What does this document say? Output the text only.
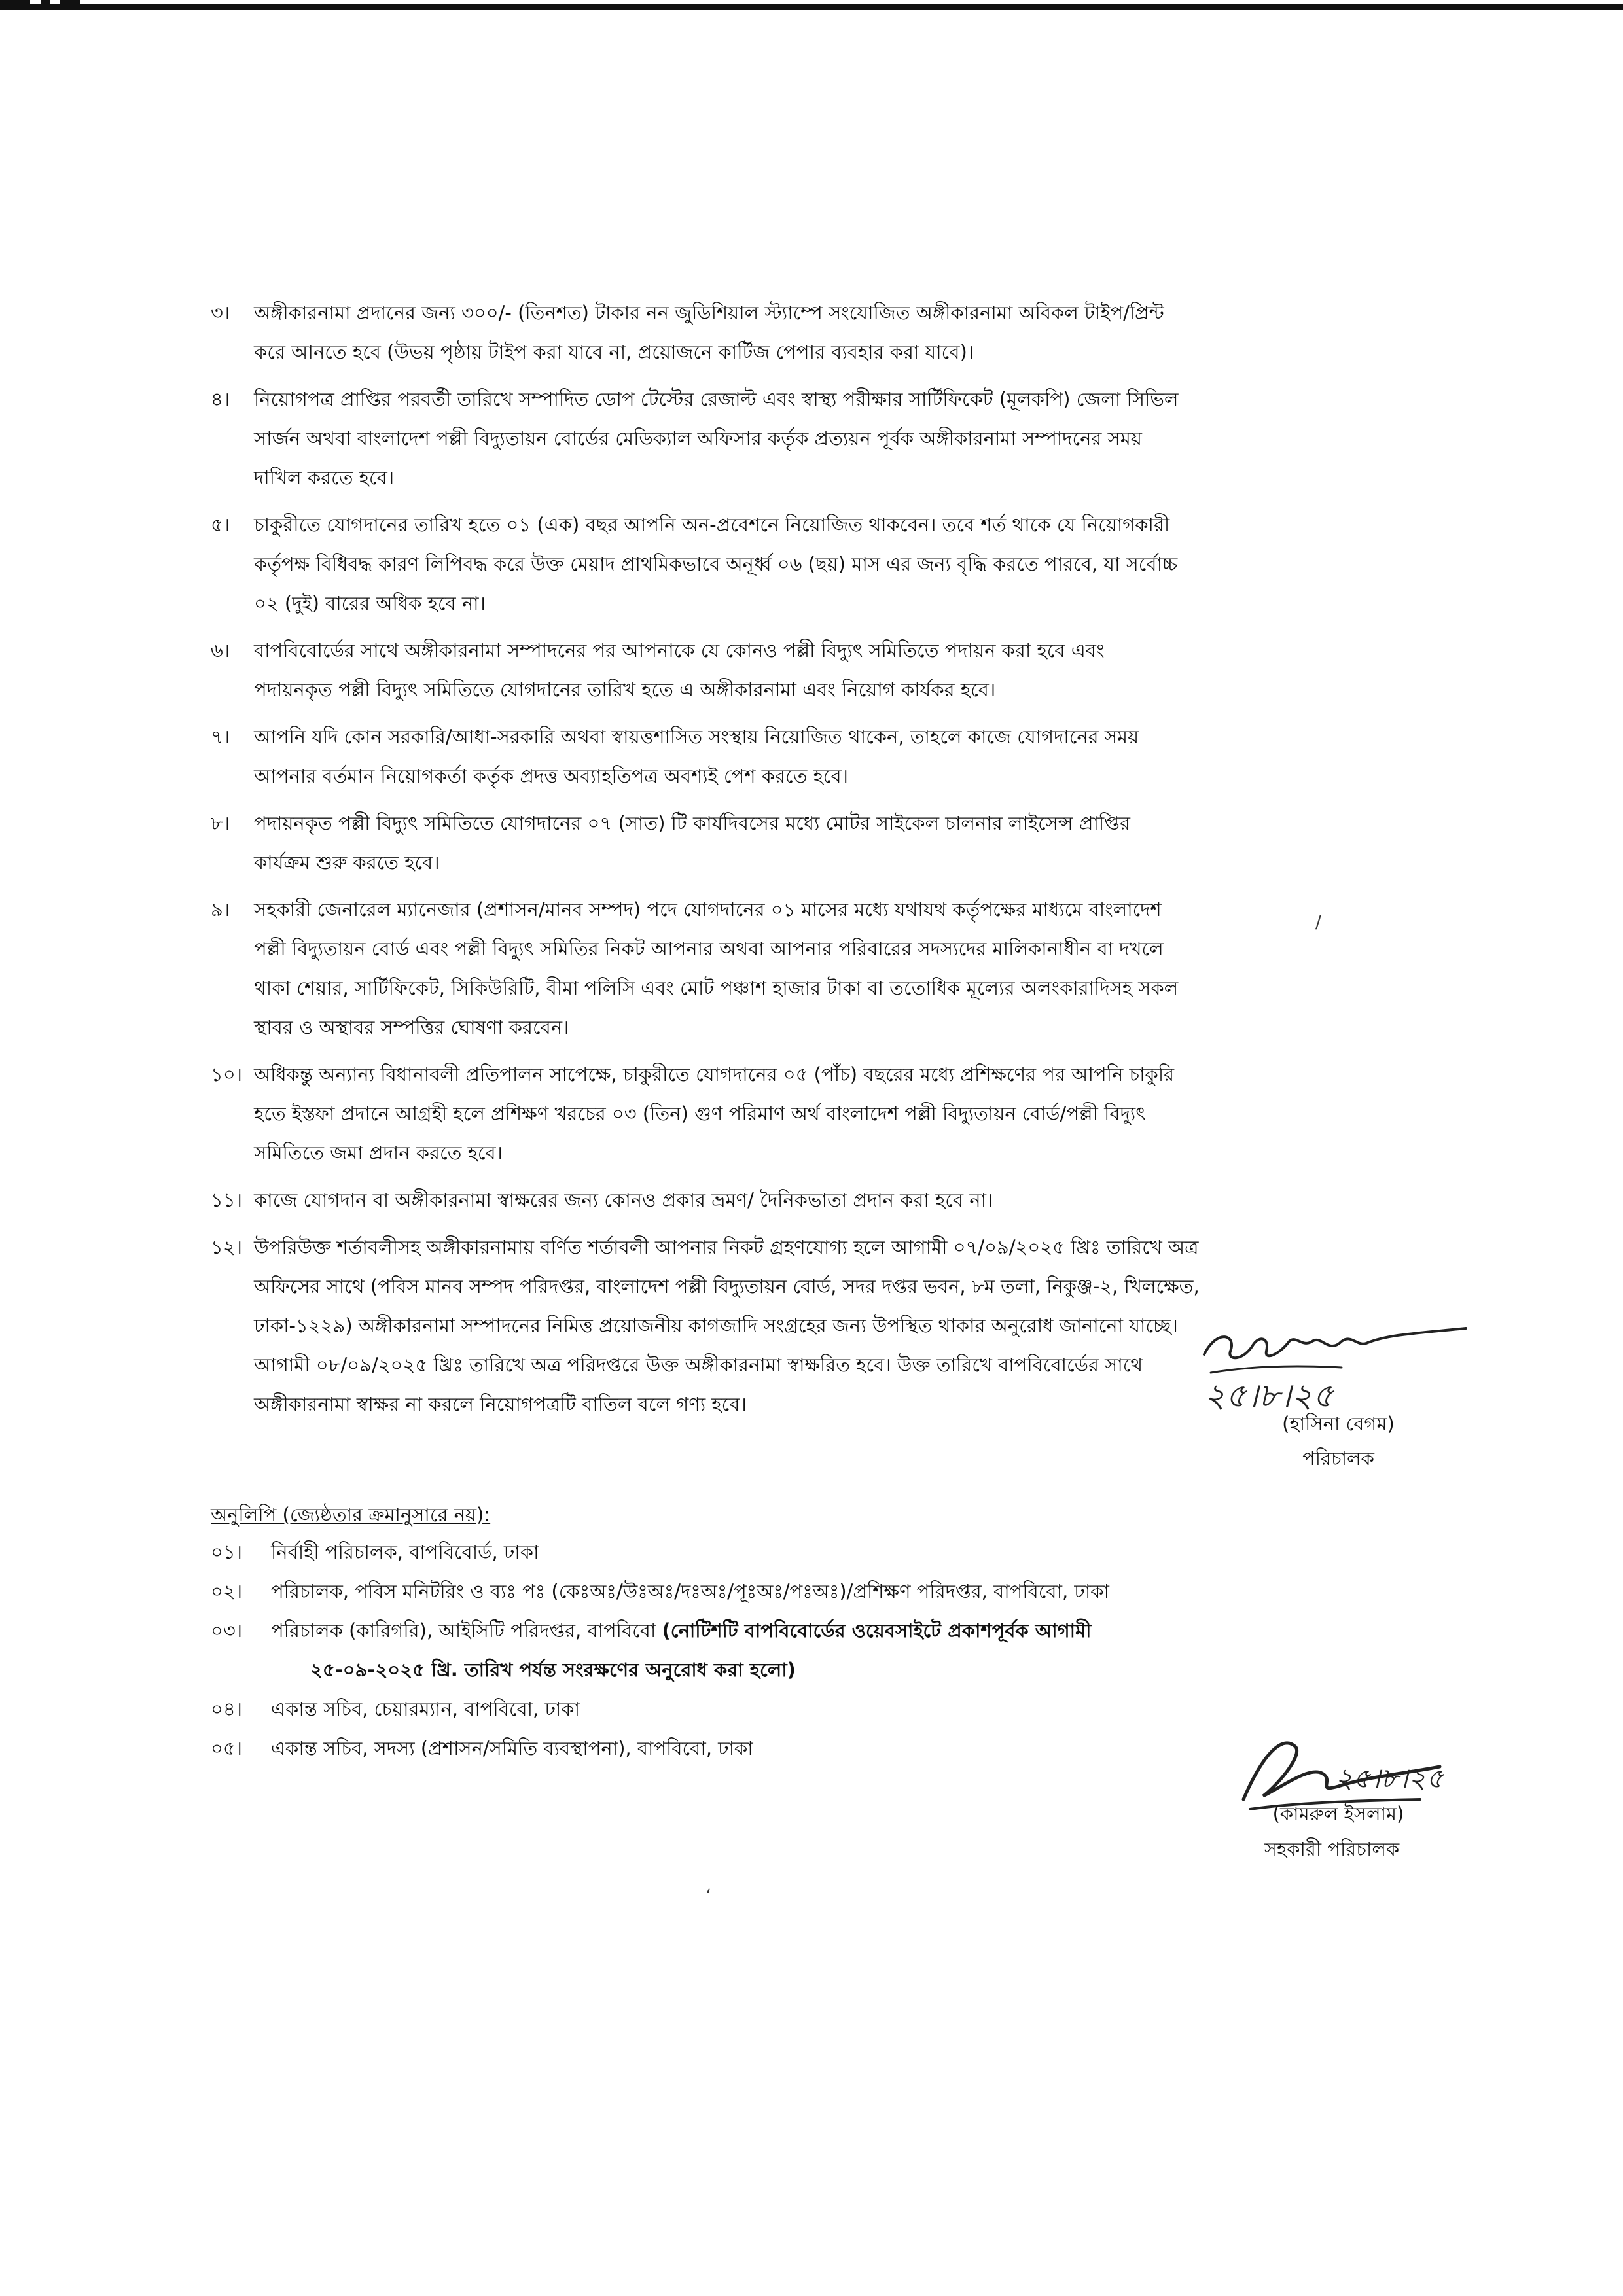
৩। অঙ্গীকারনামা প্রদানের জন্য ৩০০/- (তিনশত) টাকার নন জুডিশিয়াল স্ট্যাম্পে সংযোজিত অঙ্গীকারনামা অবিকল টাইপ/প্রিন্ট
করে আনতে হবে (উভয় পৃষ্ঠায় টাইপ করা যাবে না, প্রয়োজনে কার্টিজ পেপার ব্যবহার করা যাবে)।
৪। নিয়োগপত্র প্রাপ্তির পরবর্তী তারিখে সম্পাদিত ডোপ টেস্টের রেজাল্ট এবং স্বাস্থ্য পরীক্ষার সার্টিফিকেট (মূলকপি) জেলা সিভিল
সার্জন অথবা বাংলাদেশ পল্লী বিদ্যুতায়ন বোর্ডের মেডিক্যাল অফিসার কর্তৃক প্রত্যয়ন পূর্বক অঙ্গীকারনামা সম্পাদনের সময়
দাখিল করতে হবে।
৫। চাকুরীতে যোগদানের তারিখ হতে ০১ (এক) বছর আপনি অন-প্রবেশনে নিয়োজিত থাকবেন। তবে শর্ত থাকে যে নিয়োগকারী
কর্তৃপক্ষ বিধিবদ্ধ কারণ লিপিবদ্ধ করে উক্ত মেয়াদ প্রাথমিকভাবে অনূর্ধ্ব ০৬ (ছয়) মাস এর জন্য বৃদ্ধি করতে পারবে, যা সর্বোচ্চ
০২ (দুই) বারের অধিক হবে না।
৬। বাপবিবোর্ডের সাথে অঙ্গীকারনামা সম্পাদনের পর আপনাকে যে কোনও পল্লী বিদ্যুৎ সমিতিতে পদায়ন করা হবে এবং
পদায়নকৃত পল্লী বিদ্যুৎ সমিতিতে যোগদানের তারিখ হতে এ অঙ্গীকারনামা এবং নিয়োগ কার্যকর হবে।
৭। আপনি যদি কোন সরকারি/আধা-সরকারি অথবা স্বায়ত্তশাসিত সংস্থায় নিয়োজিত থাকেন, তাহলে কাজে যোগদানের সময়
আপনার বর্তমান নিয়োগকর্তা কর্তৃক প্রদত্ত অব্যাহতিপত্র অবশ্যই পেশ করতে হবে।
৮। পদায়নকৃত পল্লী বিদ্যুৎ সমিতিতে যোগদানের ০৭ (সাত) টি কার্যদিবসের মধ্যে মোটর সাইকেল চালনার লাইসেন্স প্রাপ্তির
কার্যক্রম শুরু করতে হবে।
৯। সহকারী জেনারেল ম্যানেজার (প্রশাসন/মানব সম্পদ) পদে যোগদানের ০১ মাসের মধ্যে যথাযথ কর্তৃপক্ষের মাধ্যমে বাংলাদেশ
পল্লী বিদ্যুতায়ন বোর্ড এবং পল্লী বিদ্যুৎ সমিতির নিকট আপনার অথবা আপনার পরিবারের সদস্যদের মালিকানাধীন বা দখলে
থাকা শেয়ার, সার্টিফিকেট, সিকিউরিটি, বীমা পলিসি এবং মোট পঞ্চাশ হাজার টাকা বা ততোধিক মূল্যের অলংকারাদিসহ সকল
স্থাবর ও অস্থাবর সম্পত্তির ঘোষণা করবেন।
১০। অধিকন্তু অন্যান্য বিধানাবলী প্রতিপালন সাপেক্ষে, চাকুরীতে যোগদানের ০৫ (পাঁচ) বছরের মধ্যে প্রশিক্ষণের পর আপনি চাকুরি
হতে ইস্তফা প্রদানে আগ্রহী হলে প্রশিক্ষণ খরচের ০৩ (তিন) গুণ পরিমাণ অর্থ বাংলাদেশ পল্লী বিদ্যুতায়ন বোর্ড/পল্লী বিদ্যুৎ
সমিতিতে জমা প্রদান করতে হবে।
১১। কাজে যোগদান বা অঙ্গীকারনামা স্বাক্ষরের জন্য কোনও প্রকার ভ্রমণ/ দৈনিকভাতা প্রদান করা হবে না।
১২। উপরিউক্ত শর্তাবলীসহ অঙ্গীকারনামায় বর্ণিত শর্তাবলী আপনার নিকট গ্রহণযোগ্য হলে আগামী ০৭/০৯/২০২৫ খ্রিঃ তারিখে অত্র
অফিসের সাথে (পবিস মানব সম্পদ পরিদপ্তর, বাংলাদেশ পল্লী বিদ্যুতায়ন বোর্ড, সদর দপ্তর ভবন, ৮ম তলা, নিকুঞ্জ-২, খিলক্ষেত,
ঢাকা-১২২৯) অঙ্গীকারনামা সম্পাদনের নিমিত্ত প্রয়োজনীয় কাগজাদি সংগ্রহের জন্য উপস্থিত থাকার অনুরোধ জানানো যাচ্ছে।
আগামী ০৮/০৯/২০২৫ খ্রিঃ তারিখে অত্র পরিদপ্তরে উক্ত অঙ্গীকারনামা স্বাক্ষরিত হবে। উক্ত তারিখে বাপবিবোর্ডের সাথে
অঙ্গীকারনামা স্বাক্ষর না করলে নিয়োগপত্রটি বাতিল বলে গণ্য হবে।	২৫।৮।২৫
(হাসিনা বেগম)
পরিচালক
অনুলিপি (জ্যেষ্ঠতার ক্রমানুসারে নয়):
০১। নির্বাহী পরিচালক, বাপবিবোর্ড, ঢাকা
০২। পরিচালক, পবিস মনিটরিং ও ব্যঃ পঃ (কেঃঅঃ/উঃঅঃ/দঃঅঃ/পূঃঅঃ/পঃঅঃ)/প্রশিক্ষণ পরিদপ্তর, বাপবিবো, ঢাকা
০৩। পরিচালক (কারিগরি), আইসিটি পরিদপ্তর, বাপবিবো (নোটিশটি বাপবিবোর্ডের ওয়েবসাইটে প্রকাশপূর্বক আগামী
২৫-০৯-২০২৫ খ্রি. তারিখ পর্যন্ত সংরক্ষণের অনুরোধ করা হলো)
০৪। একান্ত সচিব, চেয়ারম্যান, বাপবিবো, ঢাকা
০৫। একান্ত সচিব, সদস্য (প্রশাসন/সমিতি ব্যবস্থাপনা), বাপবিবো, ঢাকা
২৫।৮।২৫
(কামরুল ইসলাম)
সহকারী পরিচালক
/
،
